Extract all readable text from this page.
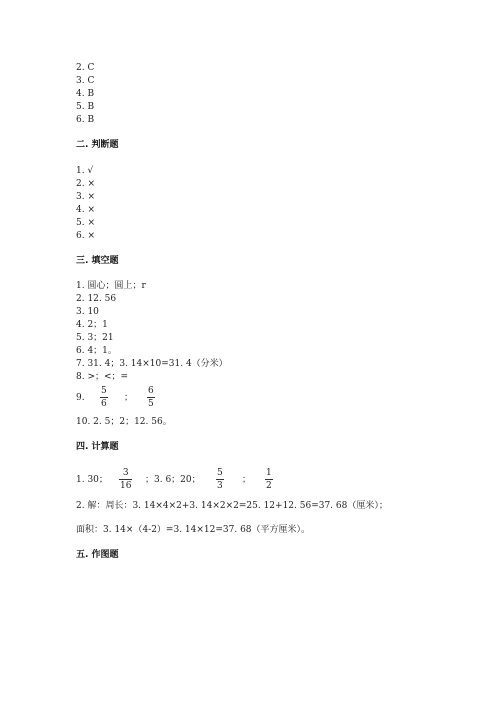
2. C
3. C
4. B
5. B
6. B
二. 判断题
1. √
2. ×
3. ×
4. ×
5. ×
6. ×
三. 填空题
1. 圆心；圆上；r
2. 12. 56
3. 10
4. 2；1
5. 3；21
6. 4；1。
7. 31. 4；3. 14×10=31. 4（分米）
8. >；<；=
9.
5
6
；
6
5
10. 2. 5；2；12. 56。
四. 计算题
1. 30；
3
16
；3. 6；20；
5
3
；
1
2
2. 解：周长：3. 14×4×2+3. 14×2×2=25. 12+12. 56=37. 68（厘米）；
面积：3. 14×（4-2）=3. 14×12=37. 68（平方厘米）。
五. 作图题
